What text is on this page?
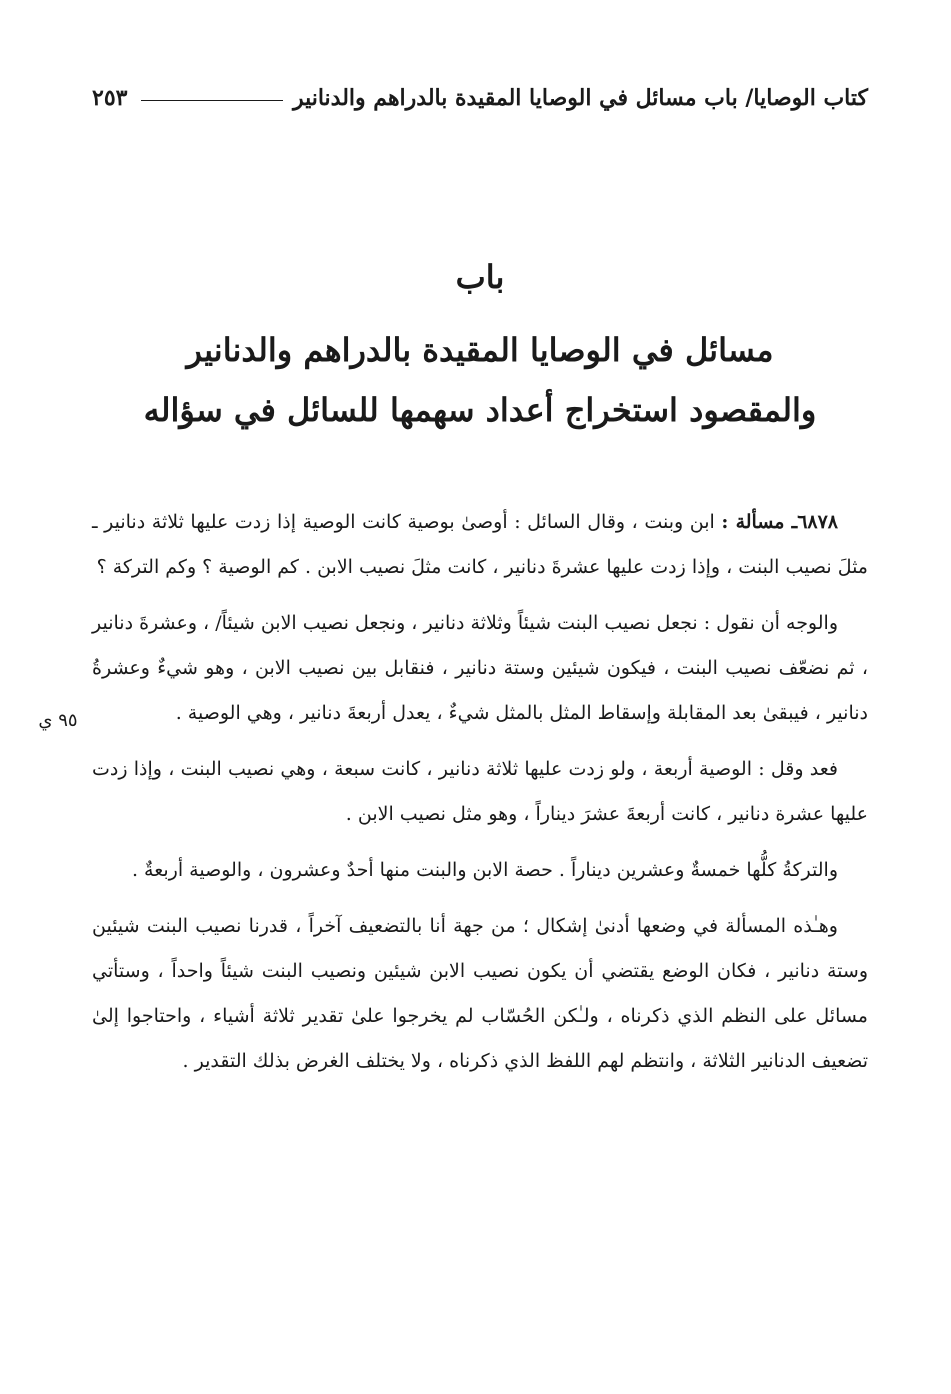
كتاب الوصايا/ باب مسائل في الوصايا المقيدة بالدراهم والدنانير
٢٥٣
باب
مسائل في الوصايا المقيدة بالدراهم والدنانير
والمقصود استخراج أعداد سهمها للسائل في سؤاله

٦٨٧٨ـ مسألة : ابن وبنت ، وقال السائل : أوصىٰ بوصية كانت الوصية إذا زدت عليها ثلاثة دنانير ـ مثلَ نصيب البنت ، وإذا زدت عليها عشرةَ دنانير ، كانت مثلَ نصيب الابن . كم الوصية ؟ وكم التركة ؟

والوجه أن نقول : نجعل نصيب البنت شيئاً وثلاثة دنانير ، ونجعل نصيب الابن شيئاً/ ، وعشرةَ دنانير ، ثم نضعّف نصيب البنت ، فيكون شيئين وستة دنانير ، فنقابل بين نصيب الابن ، وهو شيءٌ وعشرةُ دنانير ، فيبقىٰ بعد المقابلة وإسقاط المثل بالمثل شيءٌ ، يعدل أربعةَ دنانير ، وهي الوصية .

فعد وقل : الوصية أربعة ، ولو زدت عليها ثلاثة دنانير ، كانت سبعة ، وهي نصيب البنت ، وإذا زدت عليها عشرة دنانير ، كانت أربعةَ عشرَ ديناراً ، وهو مثل نصيب الابن .

والتركةُ كلُّها خمسةٌ وعشرين ديناراً . حصة الابن والبنت منها أحدٌ وعشرون ، والوصية أربعةٌ .

وهـٰذه المسألة في وضعها أدنىٰ إشكال ؛ من جهة أنا بالتضعيف آخراً ، قدرنا نصيب البنت شيئين وستة دنانير ، فكان الوضع يقتضي أن يكون نصيب الابن شيئين ونصيب البنت شيئاً واحداً ، وستأتي مسائل على النظم الذي ذكرناه ، ولـٰكن الحُسّاب لم يخرجوا علىٰ تقدير ثلاثة أشياء ، واحتاجوا إلىٰ تضعيف الدنانير الثلاثة ، وانتظم لهم اللفظ الذي ذكرناه ، ولا يختلف الغرض بذلك التقدير .

٩٥ ي
